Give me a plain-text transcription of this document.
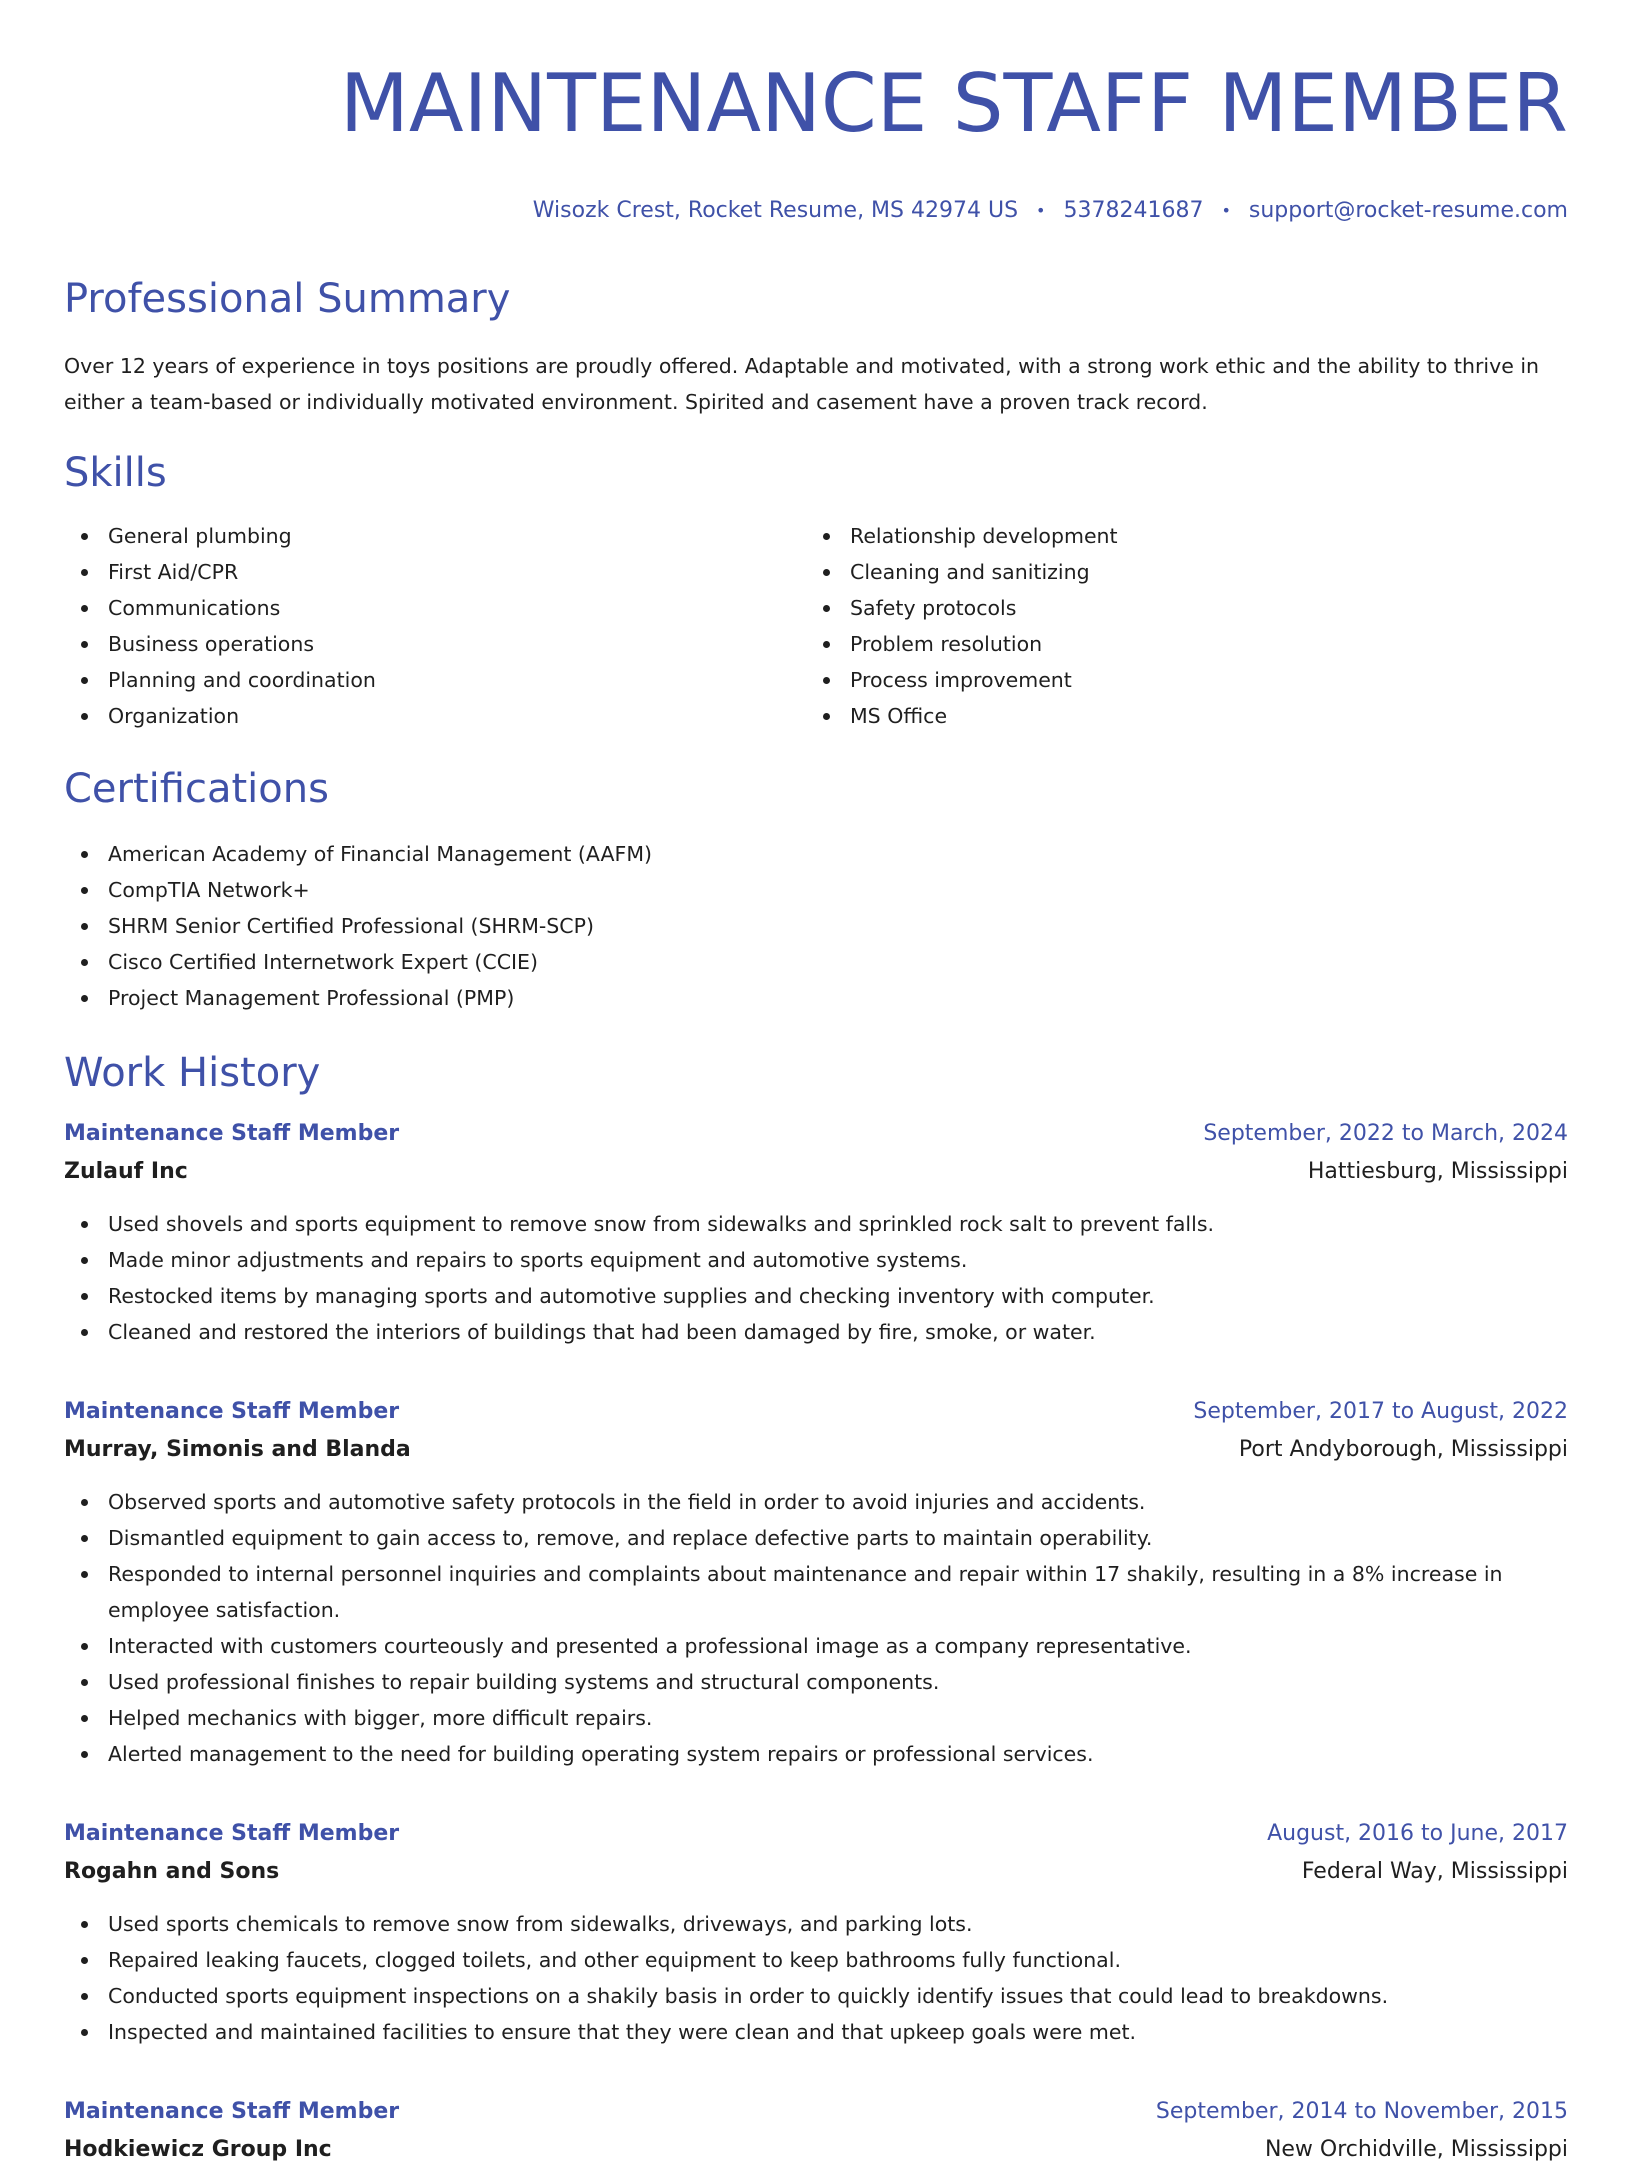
MAINTENANCE STAFF MEMBER
Wisozk Crest, Rocket Resume, MS 42974 US • 5378241687 • support@rocket-resume.com
Professional Summary

Over 12 years of experience in toys positions are proudly offered. Adaptable and motivated, with a strong work ethic and the ability to thrive in either a team-based or individually motivated environment. Spirited and casement have a proven track record.

Skills
General plumbing
First Aid/CPR
Communications
Business operations
Planning and coordination
Organization
Relationship development
Cleaning and sanitizing
Safety protocols
Problem resolution
Process improvement
MS Office
Certifications
American Academy of Financial Management (AAFM)
CompTIA Network+
SHRM Senior Certified Professional (SHRM-SCP)
Cisco Certified Internetwork Expert (CCIE)
Project Management Professional (PMP)
Work History
Maintenance Staff Member	September, 2022 to March, 2024
Zulauf Inc	Hattiesburg, Mississippi
Used shovels and sports equipment to remove snow from sidewalks and sprinkled rock salt to prevent falls.
Made minor adjustments and repairs to sports equipment and automotive systems.
Restocked items by managing sports and automotive supplies and checking inventory with computer.
Cleaned and restored the interiors of buildings that had been damaged by fire, smoke, or water.
Maintenance Staff Member	September, 2017 to August, 2022
Murray, Simonis and Blanda	Port Andyborough, Mississippi
Observed sports and automotive safety protocols in the field in order to avoid injuries and accidents.
Dismantled equipment to gain access to, remove, and replace defective parts to maintain operability.
Responded to internal personnel inquiries and complaints about maintenance and repair within 17 shakily, resulting in a 8% increase in employee satisfaction.
Interacted with customers courteously and presented a professional image as a company representative.
Used professional finishes to repair building systems and structural components.
Helped mechanics with bigger, more difficult repairs.
Alerted management to the need for building operating system repairs or professional services.
Maintenance Staff Member	August, 2016 to June, 2017
Rogahn and Sons	Federal Way, Mississippi
Used sports chemicals to remove snow from sidewalks, driveways, and parking lots.
Repaired leaking faucets, clogged toilets, and other equipment to keep bathrooms fully functional.
Conducted sports equipment inspections on a shakily basis in order to quickly identify issues that could lead to breakdowns.
Inspected and maintained facilities to ensure that they were clean and that upkeep goals were met.
Maintenance Staff Member	September, 2014 to November, 2015
Hodkiewicz Group Inc	New Orchidville, Mississippi
